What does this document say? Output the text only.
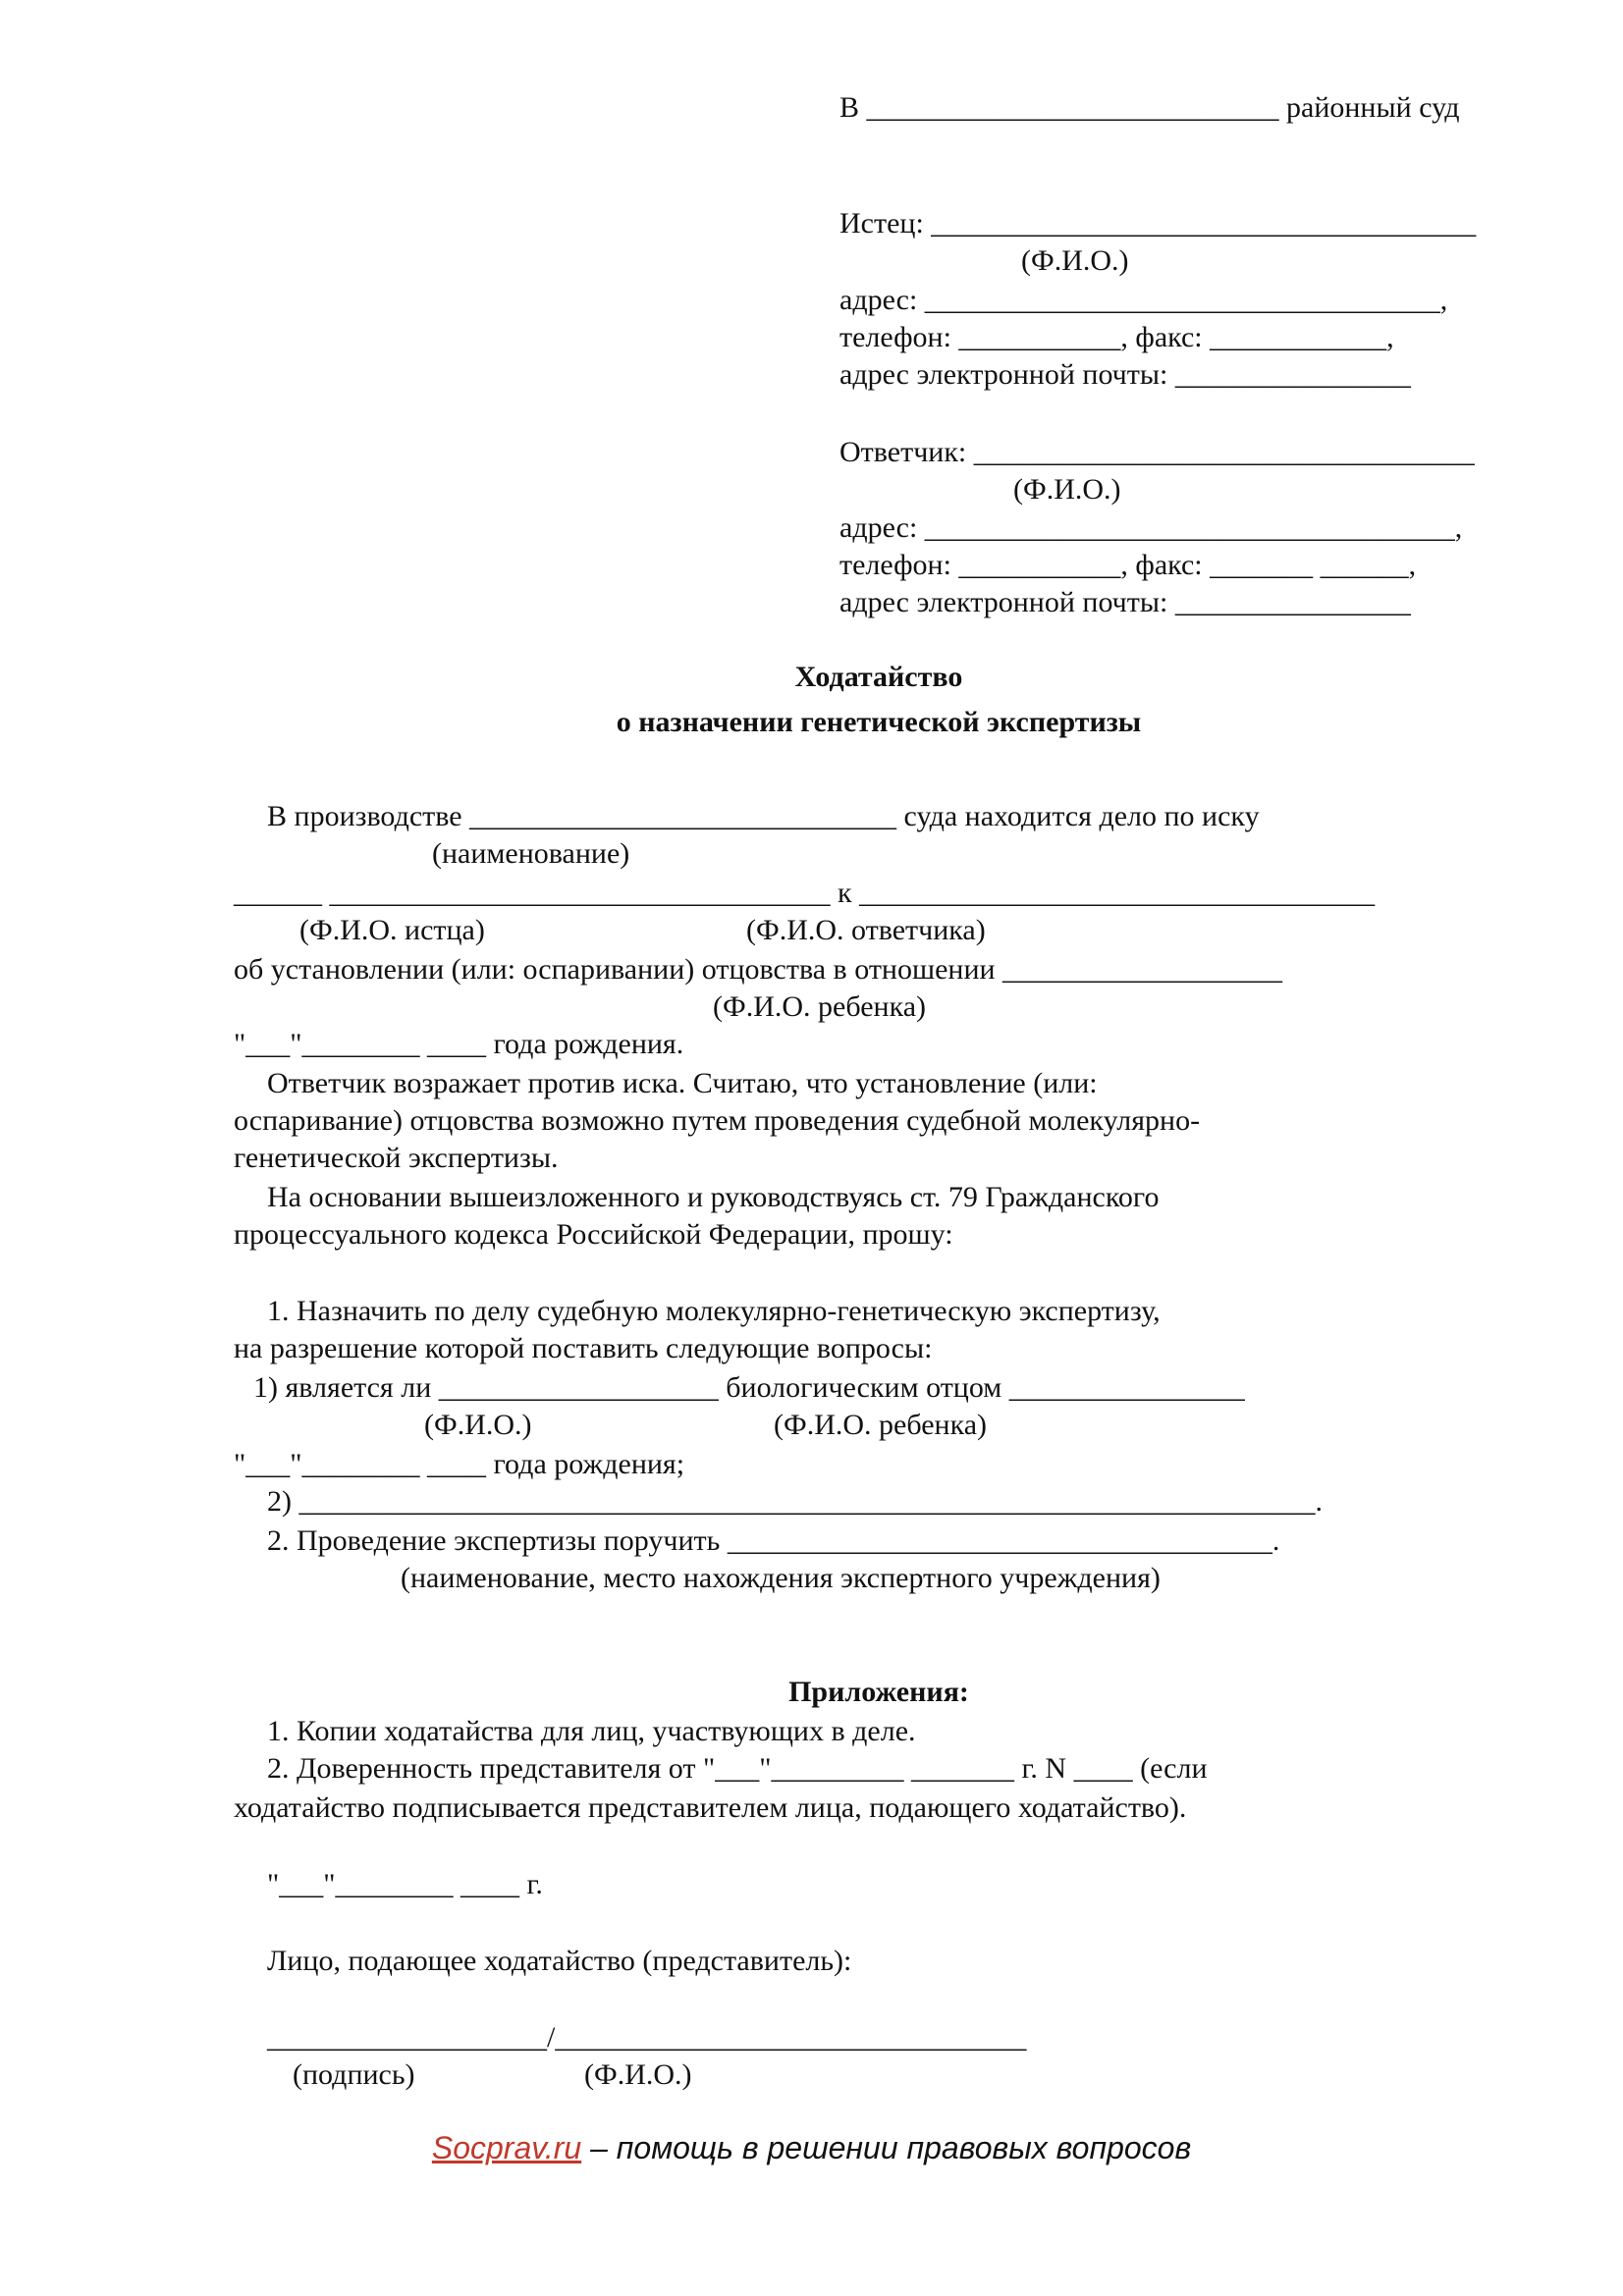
В ____________________________ районный суд
Истец: _____________________________________
(Ф.И.О.)
адрес: ___________________________________,
телефон: ___________, факс: ____________,
адрес электронной почты: ________________
Ответчик: __________________________________
(Ф.И.О.)
адрес: ____________________________________,
телефон: ___________, факс: _______ ______,
адрес электронной почты: ________________
Ходатайство
о назначении генетической экспертизы
В производстве _____________________________ суда находится дело по иску
(наименование)
______ __________________________________ к ___________________________________
(Ф.И.О. истца)	(Ф.И.О. ответчика)
об установлении (или: оспаривании) отцовства в отношении ___________________
(Ф.И.О. ребенка)
"___"________ ____ года рождения.
Ответчик возражает против иска. Считаю, что установление (или:
оспаривание) отцовства возможно путем проведения судебной молекулярно-
генетической экспертизы.
На основании вышеизложенного и руководствуясь ст. 79 Гражданского
процессуального кодекса Российской Федерации, прошу:
1. Назначить по делу судебную молекулярно-генетическую экспертизу,
на разрешение которой поставить следующие вопросы:
1) является ли ___________________ биологическим отцом ________________
(Ф.И.О.)	(Ф.И.О. ребенка)
"___"________ ____ года рождения;
2) _____________________________________________________________________.
2. Проведение экспертизы поручить _____________________________________.
(наименование, место нахождения экспертного учреждения)
Приложения:
1. Копии ходатайства для лиц, участвующих в деле.
2. Доверенность представителя от "___"_________ _______ г. N ____ (если
ходатайство подписывается представителем лица, подающего ходатайство).
"___"________ ____ г.
Лицо, подающее ходатайство (представитель):
___________________/________________________________
(подпись)	(Ф.И.О.)
Socprav.ru – помощь в решении правовых вопросов
